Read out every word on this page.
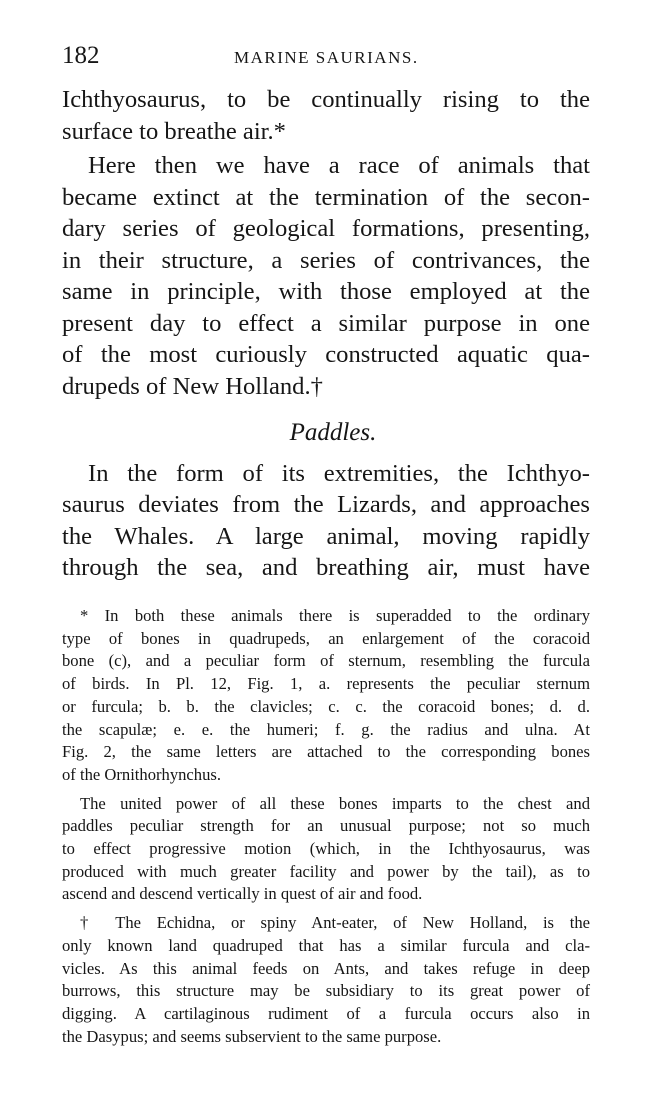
182	MARINE SAURIANS.
Ichthyosaurus, to be continually rising to the
surface to breathe air.*
Here then we have a race of animals that
became extinct at the termination of the secon-
dary series of geological formations, presenting,
in their structure, a series of contrivances, the
same in principle, with those employed at the
present day to effect a similar purpose in one
of the most curiously constructed aquatic qua-
drupeds of New Holland.†
Paddles.
In the form of its extremities, the Ichthyo-
saurus deviates from the Lizards, and approaches
the Whales. A large animal, moving rapidly
through the sea, and breathing air, must have
* In both these animals there is superadded to the ordinary
type of bones in quadrupeds, an enlargement of the coracoid
bone (c), and a peculiar form of sternum, resembling the furcula
of birds. In Pl. 12, Fig. 1, a. represents the peculiar sternum
or furcula; b. b. the clavicles; c. c. the coracoid bones; d. d.
the scapulæ; e. e. the humeri; f. g. the radius and ulna. At
Fig. 2, the same letters are attached to the corresponding bones
of the Ornithorhynchus.
The united power of all these bones imparts to the chest and
paddles peculiar strength for an unusual purpose; not so much
to effect progressive motion (which, in the Ichthyosaurus, was
produced with much greater facility and power by the tail), as to
ascend and descend vertically in quest of air and food.
† The Echidna, or spiny Ant-eater, of New Holland, is the
only known land quadruped that has a similar furcula and cla-
vicles. As this animal feeds on Ants, and takes refuge in deep
burrows, this structure may be subsidiary to its great power of
digging. A cartilaginous rudiment of a furcula occurs also in
the Dasypus; and seems subservient to the same purpose.
